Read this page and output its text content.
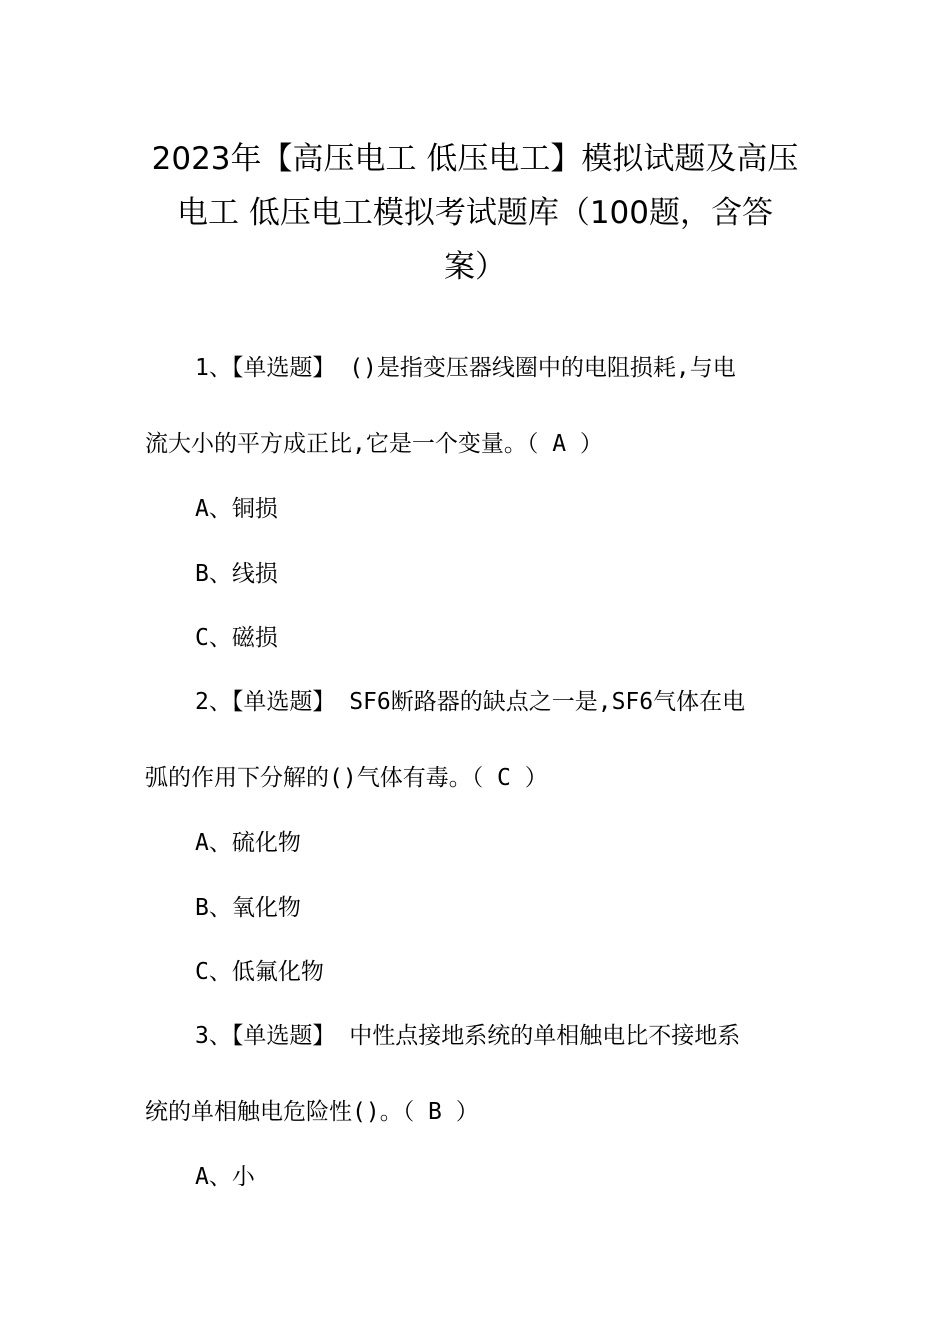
2023年【高压电工 低压电工】模拟试题及高压
电工 低压电工模拟考试题库（100题，含答
案）
1、【单选题】 ()是指变压器线圈中的电阻损耗,与电
流大小的平方成正比,它是一个变量。（ A ）
A、铜损
B、线损
C、磁损
2、【单选题】 SF6断路器的缺点之一是,SF6气体在电
弧的作用下分解的()气体有毒。（ C ）
A、硫化物
B、氧化物
C、低氟化物
3、【单选题】 中性点接地系统的单相触电比不接地系
统的单相触电危险性()。（ B ）
A、小
